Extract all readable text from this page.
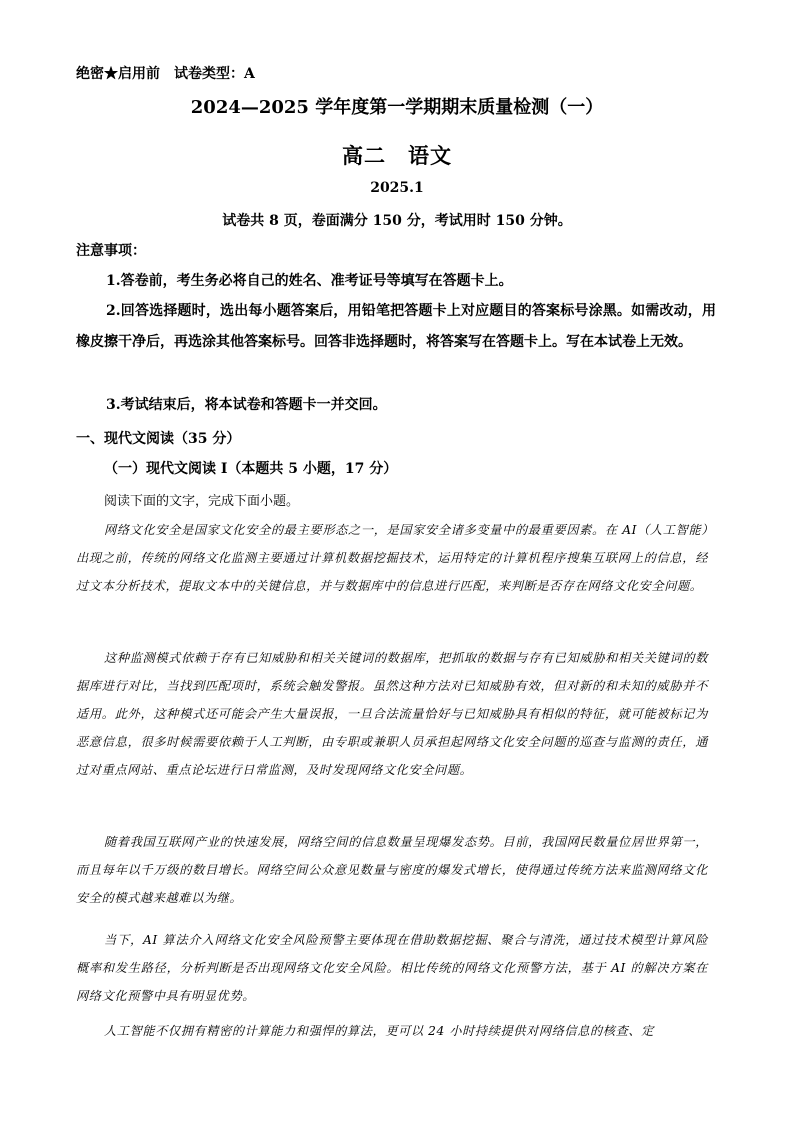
绝密★启用前　试卷类型：A
2024—2025 学年度第一学期期末质量检测（一）
高二　语文
2025.1
试卷共 8 页，卷面满分 150 分，考试用时 150 分钟。
注意事项：
1.答卷前，考生务必将自己的姓名、准考证号等填写在答题卡上。
2.回答选择题时，选出每小题答案后，用铅笔把答题卡上对应题目的答案标号涂黑。如需改动，用橡皮擦干净后，再选涂其他答案标号。回答非选择题时，将答案写在答题卡上。写在本试卷上无效。
3.考试结束后，将本试卷和答题卡一并交回。
一、现代文阅读（35 分）
（一）现代文阅读 I（本题共 5 小题，17 分）
阅读下面的文字，完成下面小题。
网络文化安全是国家文化安全的最主要形态之一，是国家安全诸多变量中的最重要因素。在 AI（人工智能）出现之前，传统的网络文化监测主要通过计算机数据挖掘技术，运用特定的计算机程序搜集互联网上的信息，经过文本分析技术，提取文本中的关键信息，并与数据库中的信息进行匹配，来判断是否存在网络文化安全问题。
这种监测模式依赖于存有已知威胁和相关关键词的数据库，把抓取的数据与存有已知威胁和相关关键词的数据库进行对比，当找到匹配项时，系统会触发警报。虽然这种方法对已知威胁有效，但对新的和未知的威胁并不适用。此外，这种模式还可能会产生大量误报，一旦合法流量恰好与已知威胁具有相似的特征，就可能被标记为恶意信息，很多时候需要依赖于人工判断，由专职或兼职人员承担起网络文化安全问题的巡查与监测的责任，通过对重点网站、重点论坛进行日常监测，及时发现网络文化安全问题。
随着我国互联网产业的快速发展，网络空间的信息数量呈现爆发态势。目前，我国网民数量位居世界第一，而且每年以千万级的数目增长。网络空间公众意见数量与密度的爆发式增长，使得通过传统方法来监测网络文化安全的模式越来越难以为继。
当下，AI 算法介入网络文化安全风险预警主要体现在借助数据挖掘、聚合与清洗，通过技术模型计算风险概率和发生路径，分析判断是否出现网络文化安全风险。相比传统的网络文化预警方法，基于 AI 的解决方案在网络文化预警中具有明显优势。
人工智能不仅拥有精密的计算能力和强悍的算法，更可以 24 小时持续提供对网络信息的核查、定
